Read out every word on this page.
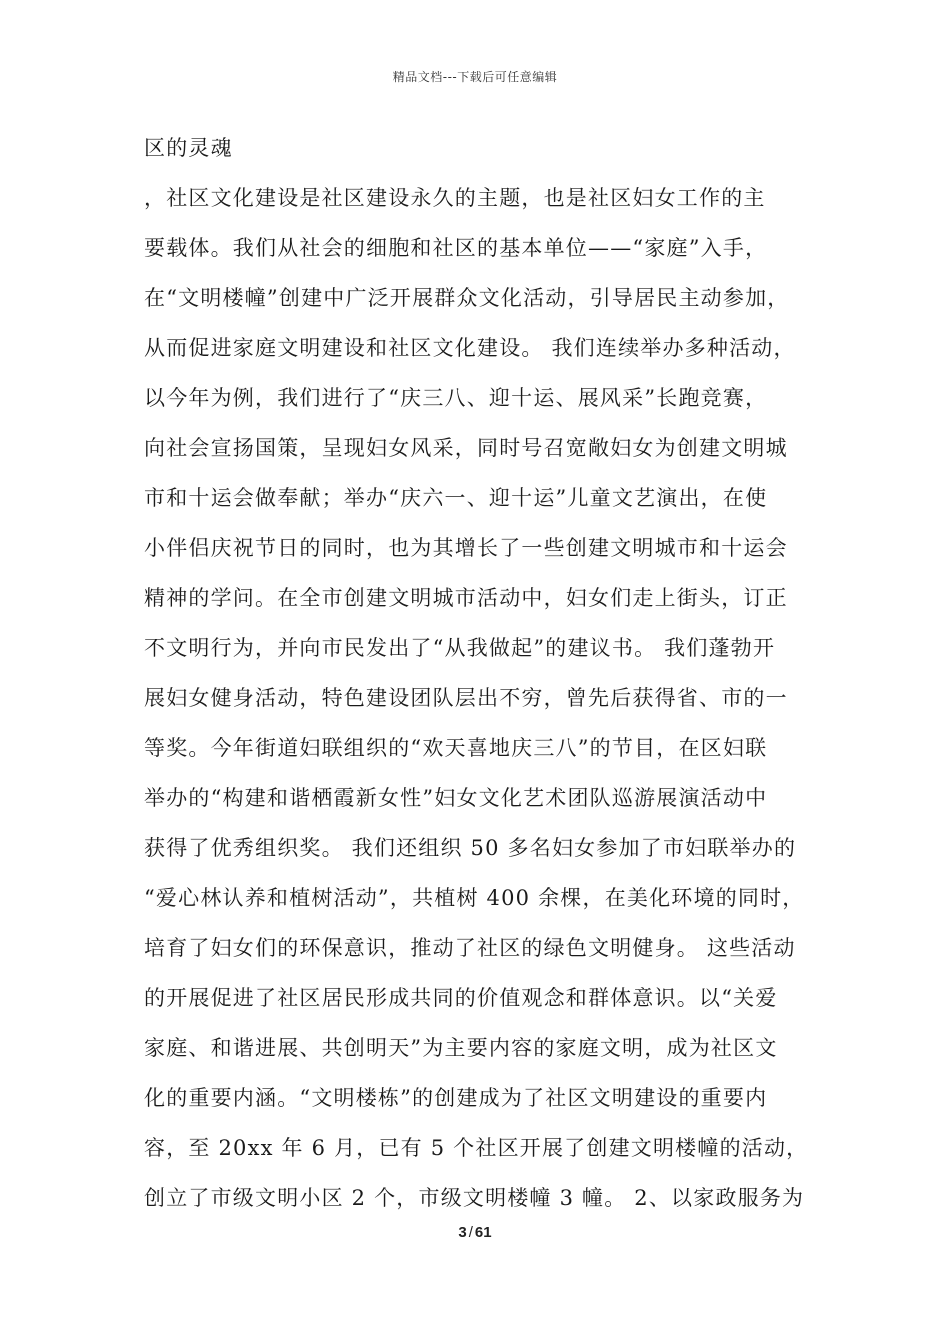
精品文档---下载后可任意编辑
区的灵魂
，社区文化建设是社区建设永久的主题，也是社区妇女工作的主
要载体。我们从社会的细胞和社区的基本单位——“家庭”入手，
在“文明楼幢”创建中广泛开展群众文化活动，引导居民主动参加，
从而促进家庭文明建设和社区文化建设。 我们连续举办多种活动，
以今年为例，我们进行了“庆三八、迎十运、展风采”长跑竞赛，
向社会宣扬国策，呈现妇女风采，同时号召宽敞妇女为创建文明城
市和十运会做奉献；举办“庆六一、迎十运”儿童文艺演出，在使
小伴侣庆祝节日的同时，也为其增长了一些创建文明城市和十运会
精神的学问。在全市创建文明城市活动中，妇女们走上街头，订正
不文明行为，并向市民发出了“从我做起”的建议书。 我们蓬勃开
展妇女健身活动，特色建设团队层出不穷，曾先后获得省、市的一
等奖。今年街道妇联组织的“欢天喜地庆三八”的节目，在区妇联
举办的“构建和谐栖霞新女性”妇女文化艺术团队巡游展演活动中
获得了优秀组织奖。 我们还组织 50 多名妇女参加了市妇联举办的
“爱心林认养和植树活动”，共植树 400 余棵，在美化环境的同时，
培育了妇女们的环保意识，推动了社区的绿色文明健身。 这些活动
的开展促进了社区居民形成共同的价值观念和群体意识。以“关爱
家庭、和谐进展、共创明天”为主要内容的家庭文明，成为社区文
化的重要内涵。“文明楼栋”的创建成为了社区文明建设的重要内
容，至 20xx 年 6 月，已有 5 个社区开展了创建文明楼幢的活动，
创立了市级文明小区 2 个，市级文明楼幢 3 幢。 2、以家政服务为
3 / 61
